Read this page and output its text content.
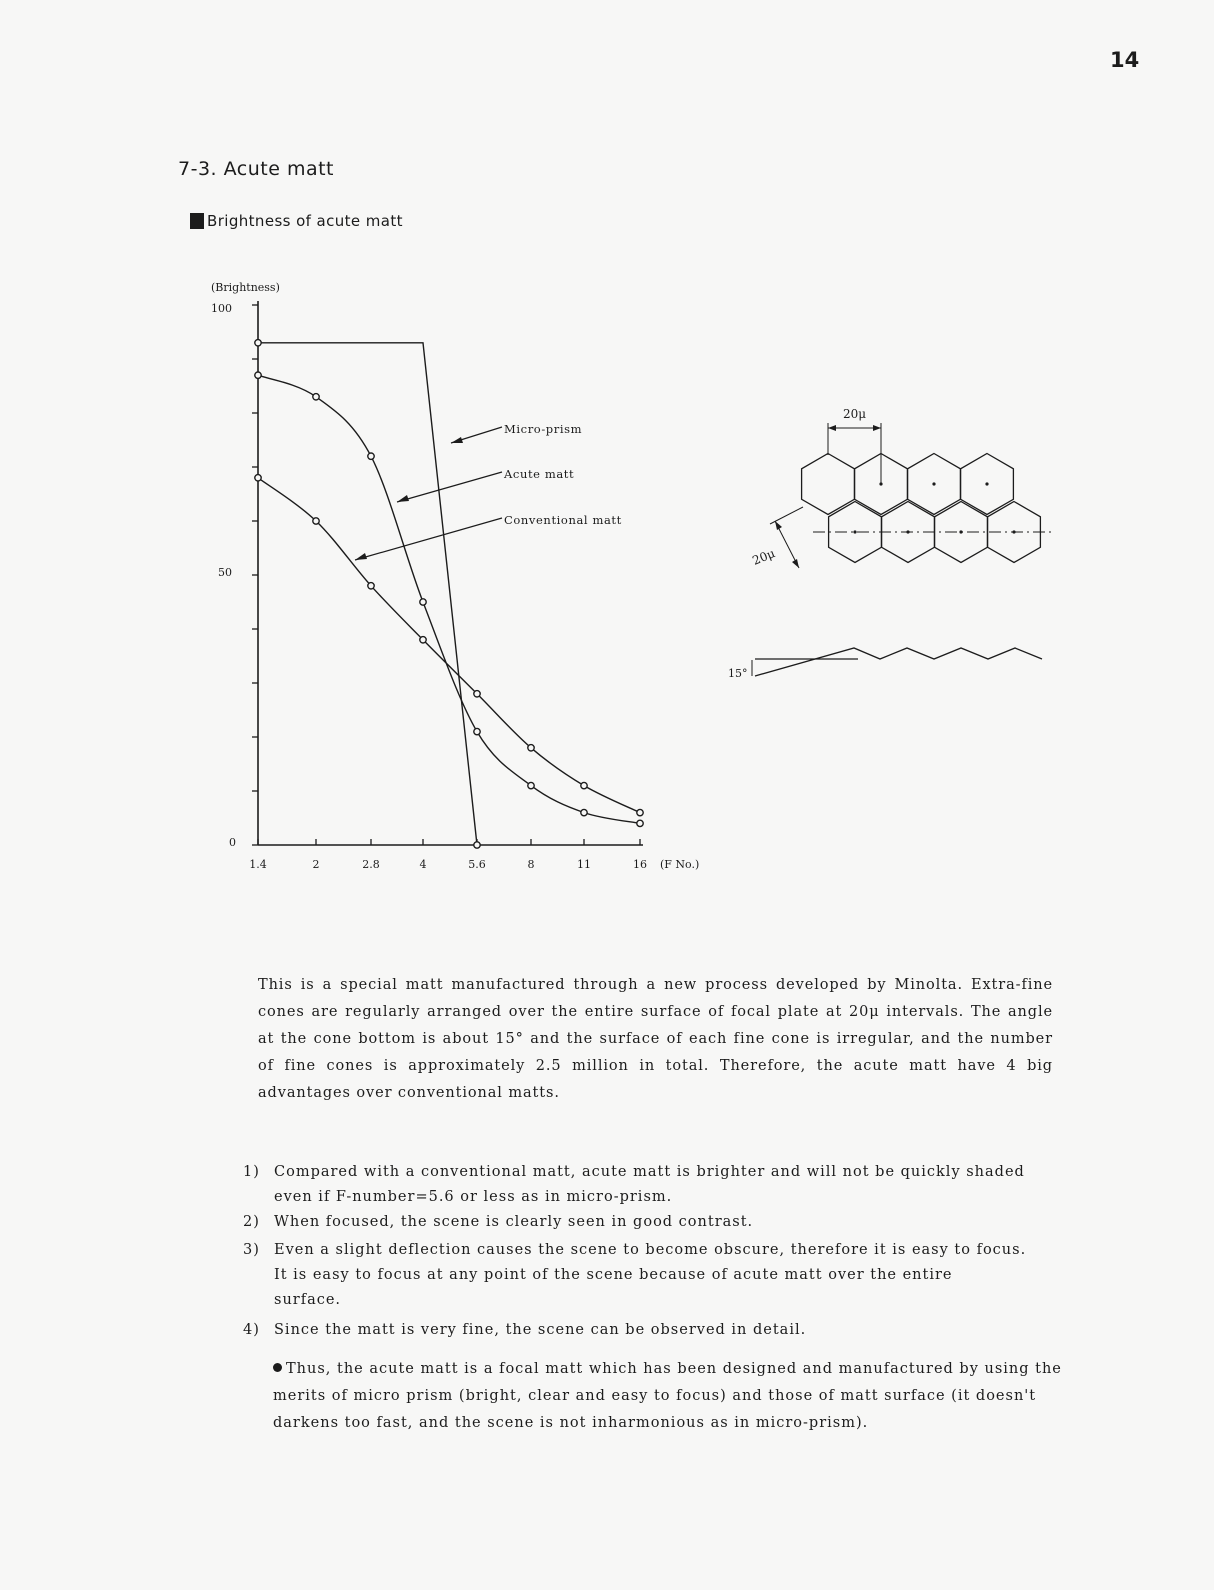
14
7-3. Acute matt
Brightness of acute matt
(Brightness)
100
50
0
1.4	2	2.8	4	5.6	8	11	16 (F No.)
Micro-prism
Acute matt
Conventional matt
20μ
20μ
15°
This is a special matt manufactured through a new process developed by Minolta. Extra-fine cones are regularly arranged over the entire surface of focal plate at 20μ intervals. The angle at the cone bottom is about 15° and the surface of each fine cone is irregular, and the number of fine cones is approximately 2.5 million in total. Therefore, the acute matt have 4 big advantages over conventional matts.
1) Compared with a conventional matt, acute matt is brighter and will not be quickly shaded
even if F-number=5.6 or less as in micro-prism.
2) When focused, the scene is clearly seen in good contrast.
3) Even a slight deflection causes the scene to become obscure, therefore it is easy to focus.
It is easy to focus at any point of the scene because of acute matt over the entire
surface.
4) Since the matt is very fine, the scene can be observed in detail.
Thus, the acute matt is a focal matt which has been designed and manufactured by using the merits of micro prism (bright, clear and easy to focus) and those of matt surface (it doesn't darkens too fast, and the scene is not inharmonious as in micro-prism).
